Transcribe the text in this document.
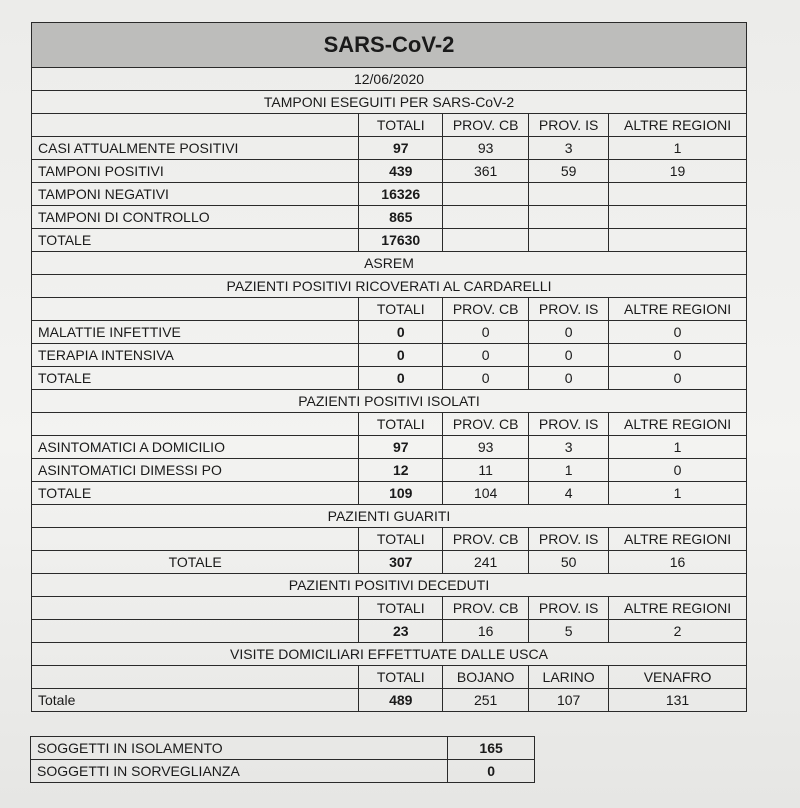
SARS-CoV-2				
12/06/2020				
TAMPONI ESEGUITI PER SARS-CoV-2				
	TOTALI	PROV. CB	PROV. IS	ALTRE REGIONI
CASI ATTUALMENTE POSITIVI	97	93	3	1
TAMPONI POSITIVI	439	361	59	19
TAMPONI NEGATIVI	16326			
TAMPONI DI CONTROLLO	865			
TOTALE	17630			
ASREM				
PAZIENTI POSITIVI RICOVERATI AL CARDARELLI				
	TOTALI	PROV. CB	PROV. IS	ALTRE REGIONI
MALATTIE INFETTIVE	0	0	0	0
TERAPIA INTENSIVA	0	0	0	0
TOTALE	0	0	0	0
PAZIENTI POSITIVI ISOLATI				
	TOTALI	PROV. CB	PROV. IS	ALTRE REGIONI
ASINTOMATICI A DOMICILIO	97	93	3	1
ASINTOMATICI DIMESSI PO	12	11	1	0
TOTALE	109	104	4	1
PAZIENTI GUARITI				
	TOTALI	PROV. CB	PROV. IS	ALTRE REGIONI
TOTALE	307	241	50	16
PAZIENTI POSITIVI DECEDUTI				
	TOTALI	PROV. CB	PROV. IS	ALTRE REGIONI
	23	16	5	2
VISITE DOMICILIARI EFFETTUATE DALLE USCA				
	TOTALI	BOJANO	LARINO	VENAFRO
Totale	489	251	107	131
SOGGETTI IN ISOLAMENTO	165
SOGGETTI IN SORVEGLIANZA	0
